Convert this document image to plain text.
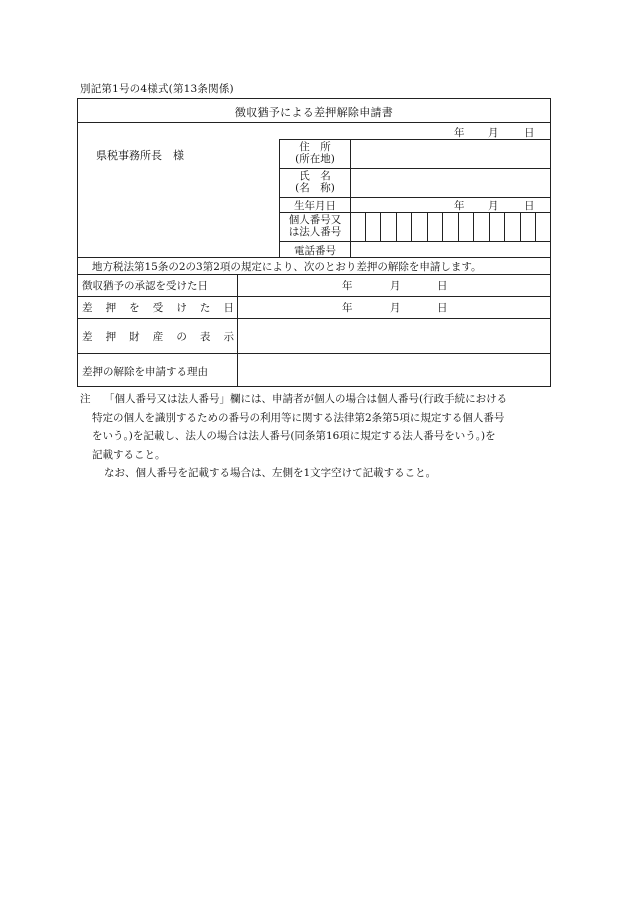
別記第1号の4様式(第13条関係)
徴収猶予による差押解除申請書
年 月 日
県税事務所長　様
住　所
(所在地)
氏　名
(名　称)
生年月日	年 月 日
個人番号又
は法人番号
電話番号
地方税法第15条の2の3第2項の規定により、次のとおり差押の解除を申請します。
徴収猶予の承認を受けた日	年	月	日
差 押 を 受 け た 日	年	月	日
差 押 財 産 の 表 示
差押の解除を申請する理由
注	「個人番号又は法人番号」欄には、申請者が個人の場合は個人番号(行政手続における
特定の個人を識別するための番号の利用等に関する法律第2条第5項に規定する個人番号
をいう。)を記載し、法人の場合は法人番号(同条第16項に規定する法人番号をいう。)を
記載すること。
なお、個人番号を記載する場合は、左側を1文字空けて記載すること。
